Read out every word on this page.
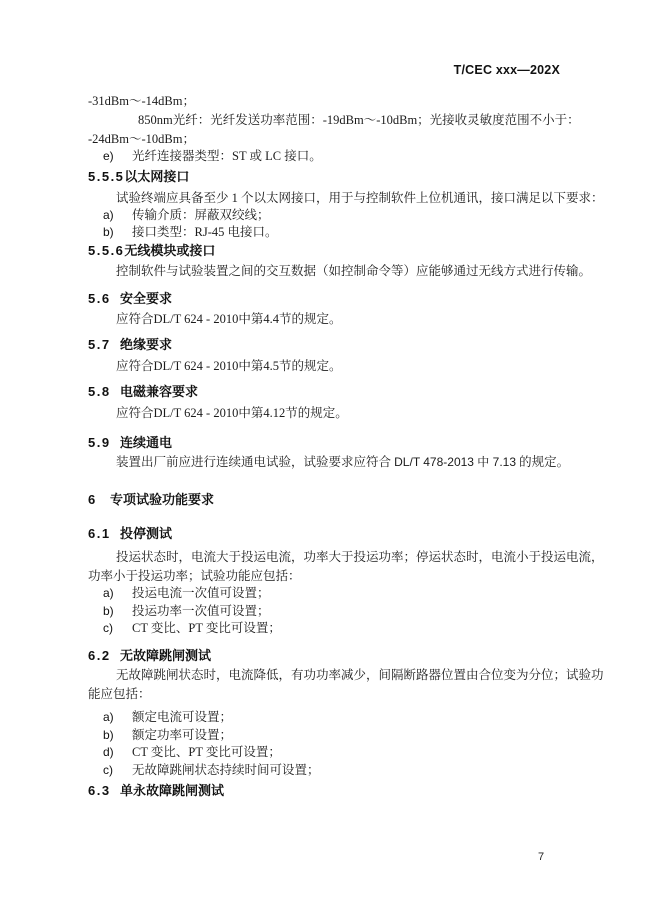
T/CEC xxx—202X
-31dBm～-14dBm；
850nm光纤：光纤发送功率范围：-19dBm～-10dBm；光接收灵敏度范围不小于：
-24dBm～-10dBm；
e) 光纤连接器类型：ST 或 LC 接口。
5.5.5以太网接口
试验终端应具备至少 1 个以太网接口，用于与控制软件上位机通讯，接口满足以下要求：
a) 传输介质：屏蔽双绞线；
b) 接口类型：RJ-45 电接口。
5.5.6无线模块或接口
控制软件与试验装置之间的交互数据（如控制命令等）应能够通过无线方式进行传输。
5.6 安全要求
应符合DL/T 624 - 2010中第4.4节的规定。
5.7 绝缘要求
应符合DL/T 624 - 2010中第4.5节的规定。
5.8 电磁兼容要求
应符合DL/T 624 - 2010中第4.12节的规定。
5.9 连续通电
装置出厂前应进行连续通电试验，试验要求应符合 DL/T 478-2013 中 7.13 的规定。
6 专项试验功能要求
6.1 投停测试
投运状态时，电流大于投运电流，功率大于投运功率；停运状态时，电流小于投运电流，
功率小于投运功率；试验功能应包括：
a) 投运电流一次值可设置；
b) 投运功率一次值可设置；
c) CT 变比、PT 变比可设置；
6.2 无故障跳闸测试
无故障跳闸状态时，电流降低，有功功率减少，间隔断路器位置由合位变为分位；试验功
能应包括：
a) 额定电流可设置；
b) 额定功率可设置；
d) CT 变比、PT 变比可设置；
c) 无故障跳闸状态持续时间可设置；
6.3 单永故障跳闸测试
7
